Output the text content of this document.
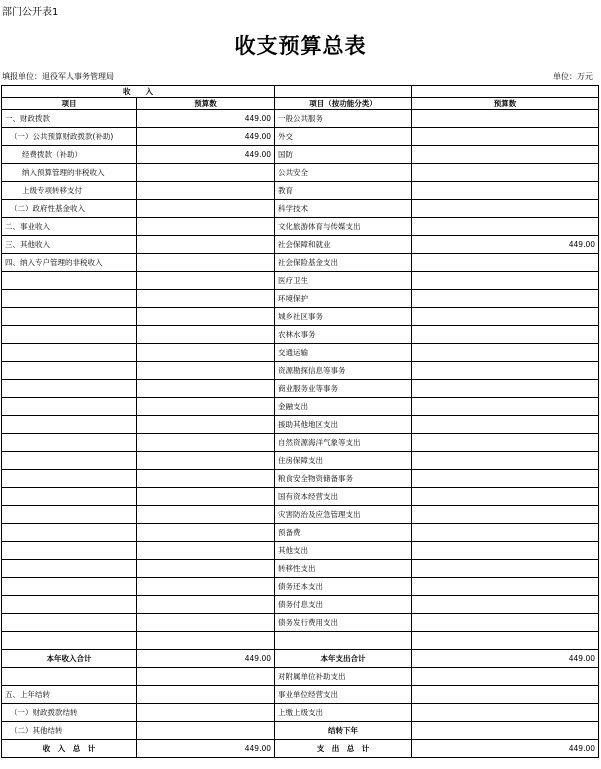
部门公开表1
收支预算总表
填报单位：退役军人事务管理局	单位：万元
收　　入			
项目	预算数	项目（按功能分类）	预算数
一、财政拨款	449.00	一般公共服务	
（一）公共预算财政拨款(补助)	449.00	外交	
经费拨款（补助）	449.00	国防	
纳入预算管理的非税收入		公共安全	
上级专项转移支付		教育	
（二）政府性基金收入		科学技术	
二、事业收入		文化旅游体育与传媒支出	
三、其他收入		社会保障和就业	449.00
四、纳入专户管理的非税收入		社会保险基金支出	
		医疗卫生	
		环境保护	
		城乡社区事务	
		农林水事务	
		交通运输	
		资源勘探信息等事务	
		商业服务业等事务	
		金融支出	
		援助其他地区支出	
		自然资源海洋气象等支出	
		住房保障支出	
		粮食安全物资储备事务	
		国有资本经营支出	
		灾害防治及应急管理支出	
		预备费	
		其他支出	
		转移性支出	
		债务还本支出	
		债务付息支出	
		债务发行费用支出	

本年收入合计	449.00	本年支出合计	449.00
		对附属单位补助支出	
五、上年结转		事业单位经营支出	
（一）财政拨款结转		上缴上级支出	
（二）其他结转		结转下年	
收　入　总　计	449.00	支　出　总　计	449.00
